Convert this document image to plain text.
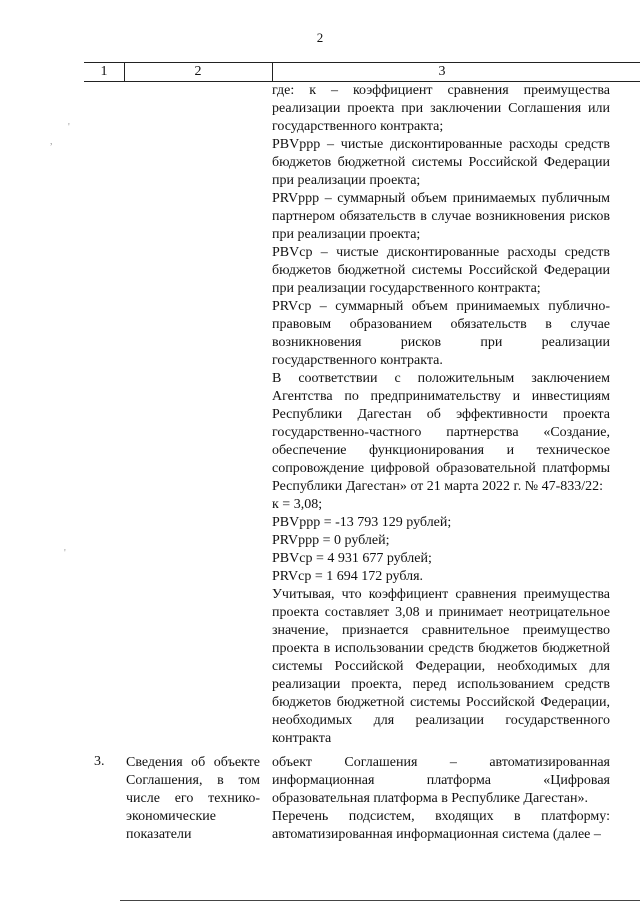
2
1	2	3

где: к – коэффициент сравнения преимущества реализации проекта при заключении Соглашения или государственного контракта;

PBVppp – чистые дисконтированные расходы средств бюджетов бюджетной системы Российской Федерации при реализации проекта;

PRVppp – суммарный объем принимаемых публичным партнером обязательств в случае возникновения рисков при реализации проекта;

PBVcp – чистые дисконтированные расходы средств бюджетов бюджетной системы Российской Федерации при реализации государственного контракта;

PRVcp – суммарный объем принимаемых публично-правовым образованием обязательств в случае возникновения рисков при реализации государственного контракта.

В соответствии с положительным заключением Агентства по предпринимательству и инвестициям Республики Дагестан об эффективности проекта государственно-частного партнерства «Создание, обеспечение функционирования и техническое сопровождение цифровой образовательной платформы Республики Дагестан» от 21 марта 2022 г. № 47-833/22:

к = 3,08;

PBVppp = -13 793 129 рублей;

PRVppp = 0 рублей;

PBVcp = 4 931 677 рублей;

PRVcp = 1 694 172 рубля.

Учитывая, что коэффициент сравнения преимущества проекта составляет 3,08 и принимает неотрицательное значение, признается сравнительное преимущество проекта в использовании средств бюджетов бюджетной системы Российской Федерации, необходимых для реализации проекта, перед использованием средств бюджетов бюджетной системы Российской Федерации, необходимых для реализации государственного контракта

3. Сведения об объекте Соглашения, в том числе его технико-экономические показатели

объект Соглашения – автоматизированная информационная платформа «Цифровая образовательная платформа в Республике Дагестан».

Перечень подсистем, входящих в платформу: автоматизированная информационная система (далее –

'
,
'
